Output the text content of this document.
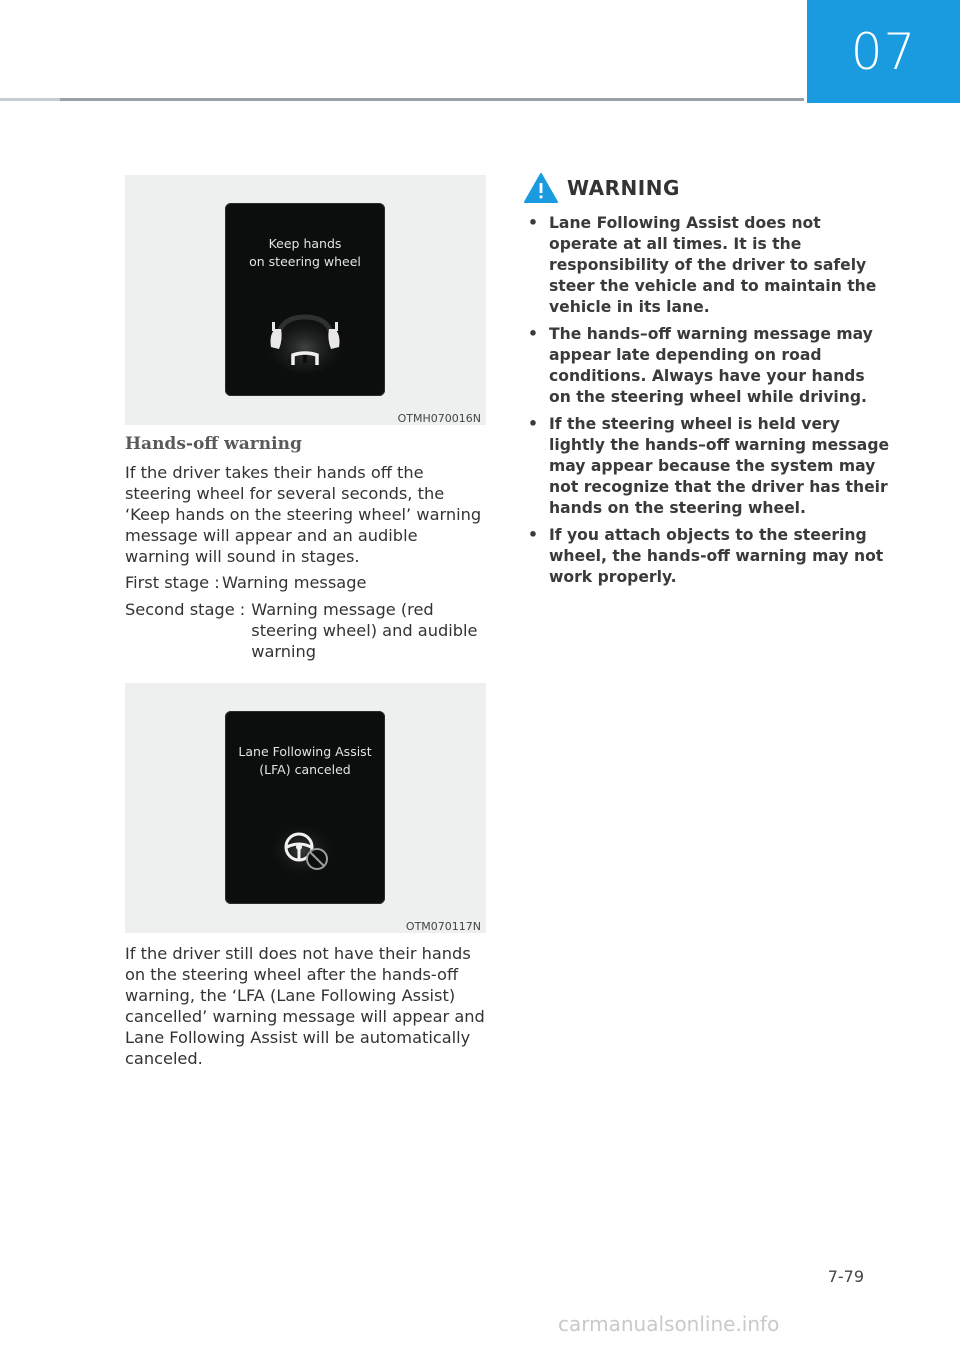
07
Keep hands
on steering wheel
OTMH070016N
Hands-off warning
If the driver takes their hands off the steering wheel for several seconds, the ‘Keep hands on the steering wheel’ warning message will appear and an audible warning will sound in stages.
First stage : Warning message
Second stage : Warning message (red steering wheel) and audible warning
Lane Following Assist
(LFA) canceled
OTM070117N
If the driver still does not have their hands on the steering wheel after the hands-off warning, the ‘LFA (Lane Following Assist) cancelled’ warning message will appear and Lane Following Assist will be automatically canceled.
WARNING
• Lane Following Assist does not operate at all times. It is the responsibility of the driver to safely steer the vehicle and to maintain the vehicle in its lane.
• The hands–off warning message may appear late depending on road conditions. Always have your hands on the steering wheel while driving.
• If the steering wheel is held very lightly the hands–off warning message may appear because the system may not recognize that the driver has their hands on the steering wheel.
• If you attach objects to the steering wheel, the hands-off warning may not work properly.
7-79
carmanualsonline.info
